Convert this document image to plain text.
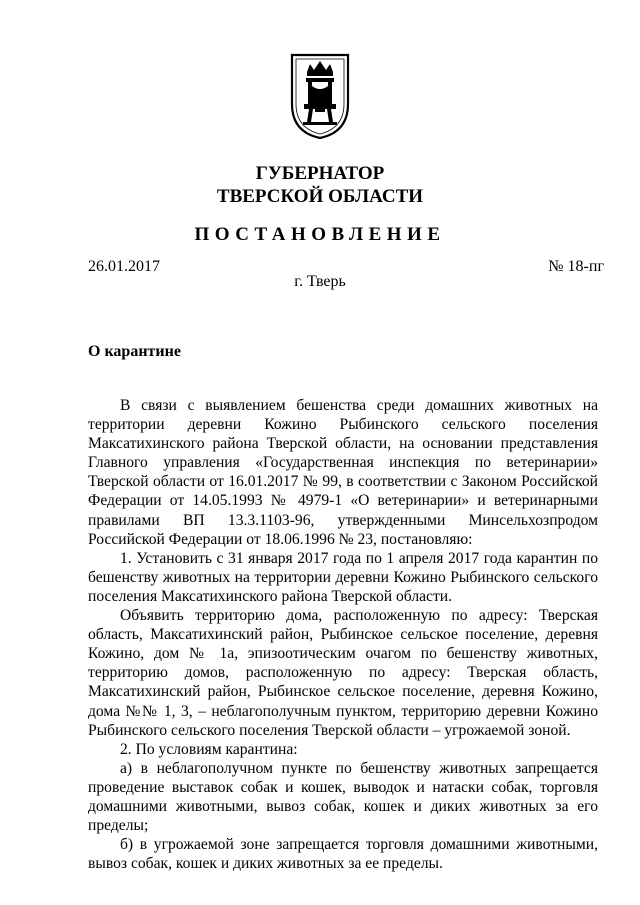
ГУБЕРНАТОР
ТВЕРСКОЙ ОБЛАСТИ
ПОСТАНОВЛЕНИЕ
26.01.2017	№ 18-пг
г. Тверь
О карантине

В связи с выявлением бешенства среди домашних животных на территории деревни Кожино Рыбинского сельского поселения Максатихинского района Тверской области, на основании представления Главного управления «Государственная инспекция по ветеринарии» Тверской области от 16.01.2017 № 99, в соответствии с Законом Российской Федерации от 14.05.1993 № 4979-1 «О ветеринарии» и ветеринарными правилами ВП 13.3.1103-96, утвержденными Минсельхозпродом Российской Федерации от 18.06.1996 № 23, постановляю:

1. Установить с 31 января 2017 года по 1 апреля 2017 года карантин по бешенству животных на территории деревни Кожино Рыбинского сельского поселения Максатихинского района Тверской области.

Объявить территорию дома, расположенную по адресу: Тверская область, Максатихинский район, Рыбинское сельское поселение, деревня Кожино, дом № 1а, эпизоотическим очагом по бешенству животных, территорию домов, расположенную по адресу: Тверская область, Максатихинский район, Рыбинское сельское поселение, деревня Кожино, дома №№ 1, 3, – неблагополучным пунктом, территорию деревни Кожино Рыбинского сельского поселения Тверской области – угрожаемой зоной.

2. По условиям карантина:

а) в неблагополучном пункте по бешенству животных запрещается проведение выставок собак и кошек, выводок и натаски собак, торговля домашними животными, вывоз собак, кошек и диких животных за его пределы;

б) в угрожаемой зоне запрещается торговля домашними животными, вывоз собак, кошек и диких животных за ее пределы.
